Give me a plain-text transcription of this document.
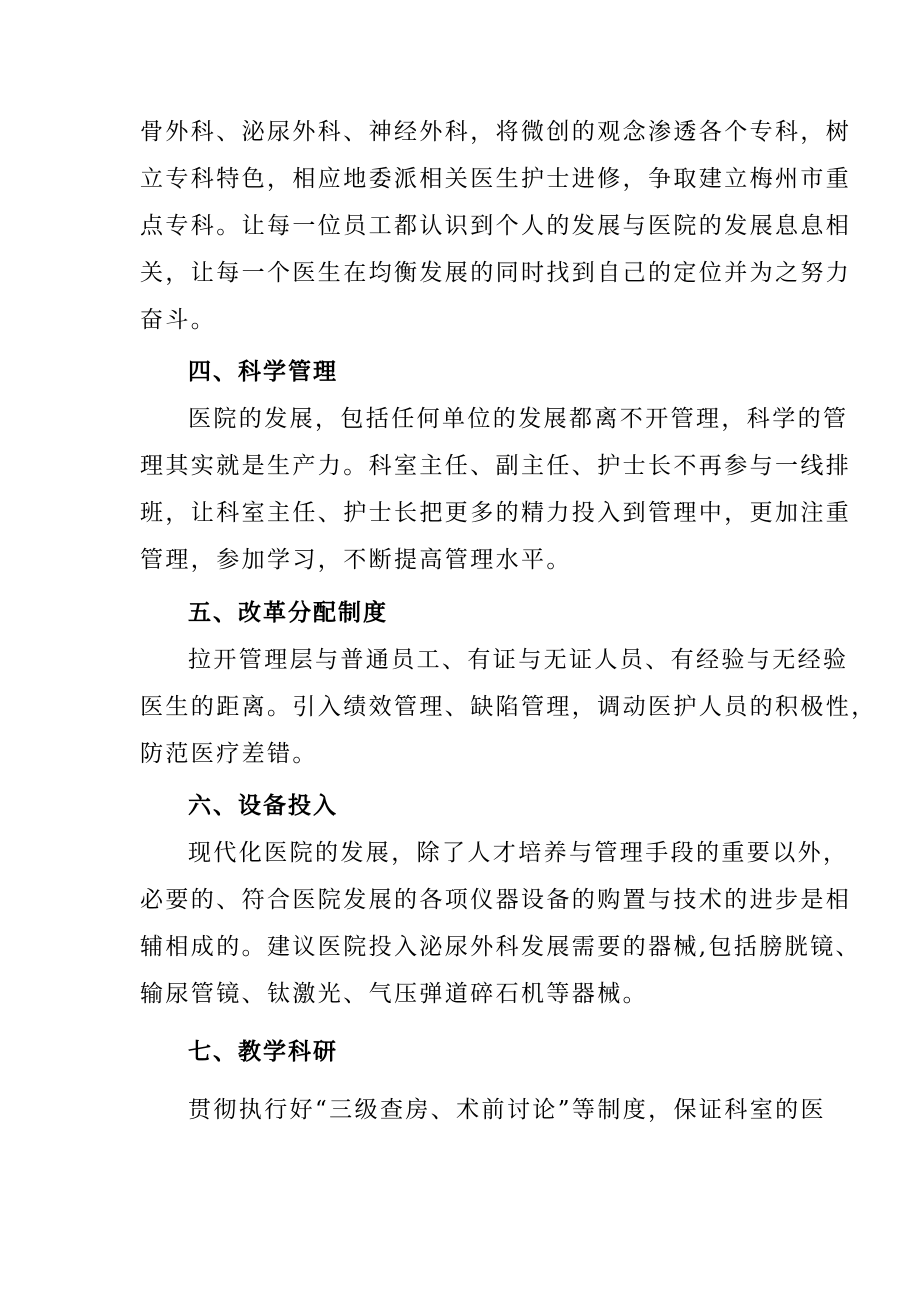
骨外科、泌尿外科、神经外科，将微创的观念渗透各个专科，树
立专科特色，相应地委派相关医生护士进修，争取建立梅州市重
点专科。让每一位员工都认识到个人的发展与医院的发展息息相
关，让每一个医生在均衡发展的同时找到自己的定位并为之努力
奋斗。
四、科学管理
医院的发展，包括任何单位的发展都离不开管理，科学的管
理其实就是生产力。科室主任、副主任、护士长不再参与一线排
班，让科室主任、护士长把更多的精力投入到管理中，更加注重
管理，参加学习，不断提高管理水平。
五、改革分配制度
拉开管理层与普通员工、有证与无证人员、有经验与无经验
医生的距离。引入绩效管理、缺陷管理，调动医护人员的积极性，
防范医疗差错。
六、设备投入
现代化医院的发展，除了人才培养与管理手段的重要以外，
必要的、符合医院发展的各项仪器设备的购置与技术的进步是相
辅相成的。建议医院投入泌尿外科发展需要的器械,包括膀胱镜、
输尿管镜、钛激光、气压弹道碎石机等器械。
七、教学科研
贯彻执行好“三级查房、术前讨论”等制度，保证科室的医
